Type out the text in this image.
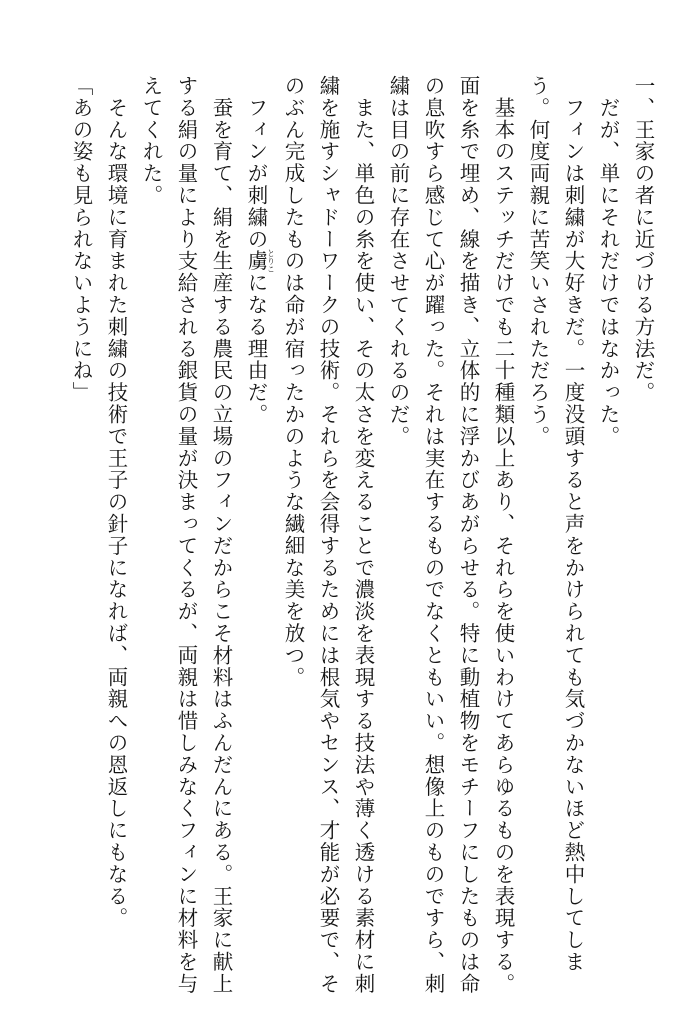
一、王家の者に近づける方法だ。
　だが、単にそれだけではなかった。
　フィンは刺繍が大好きだ。一度没頭すると声をかけられても気づかないほど熱中してしま
う。何度両親に苦笑いされただろう。
　基本のステッチだけでも二十種類以上あり、それらを使いわけてあらゆるものを表現する。
面を糸で埋め、線を描き、立体的に浮かびあがらせる。特に動植物をモチーフにしたものは命
の息吹すら感じて心が躍った。それは実在するものでなくともいい。想像上のものですら、刺
繍は目の前に存在させてくれるのだ。
　また、単色の糸を使い、その太さを変えることで濃淡を表現する技法や薄く透ける素材に刺
繍を施すシャドーワークの技術。それらを会得するためには根気やセンス、才能が必要で、そ
のぶん完成したものは命が宿ったかのような繊細な美を放つ。
　フィンが刺繍の虜とりこになる理由だ。
　蚕を育て、絹を生産する農民の立場のフィンだからこそ材料はふんだんにある。王家に献上
する絹の量により支給される銀貨の量が決まってくるが、両親は惜しみなくフィンに材料を与
えてくれた。
　そんな環境に育まれた刺繍の技術で王子の針子になれば、両親への恩返しにもなる。
「あの姿も見られないようにね」
